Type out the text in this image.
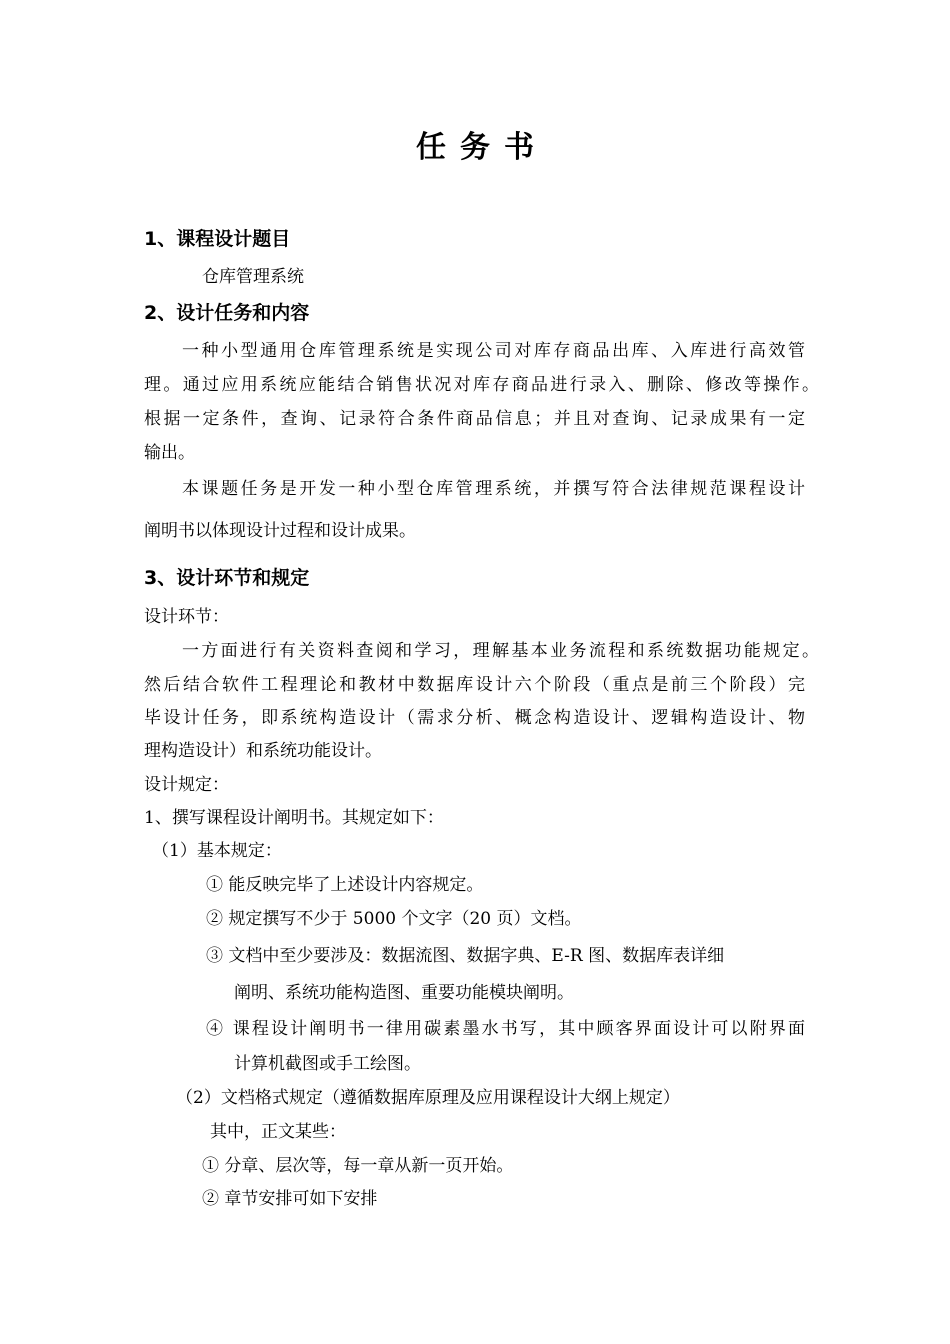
任务书
1、课程设计题目
仓库管理系统
2、设计任务和内容
一种小型通用仓库管理系统是实现公司对库存商品出库、入库进行高效管
理。通过应用系统应能结合销售状况对库存商品进行录入、删除、修改等操作。
根据一定条件，查询、记录符合条件商品信息；并且对查询、记录成果有一定
输出。
本课题任务是开发一种小型仓库管理系统，并撰写符合法律规范课程设计
阐明书以体现设计过程和设计成果。
3、设计环节和规定
设计环节：
一方面进行有关资料查阅和学习，理解基本业务流程和系统数据功能规定。
然后结合软件工程理论和教材中数据库设计六个阶段（重点是前三个阶段）完
毕设计任务，即系统构造设计（需求分析、概念构造设计、逻辑构造设计、物
理构造设计）和系统功能设计。
设计规定：
1、撰写课程设计阐明书。其规定如下：
（1）基本规定：
① 能反映完毕了上述设计内容规定。
② 规定撰写不少于 5000 个文字（20 页）文档。
③ 文档中至少要涉及：数据流图、数据字典、E-R 图、数据库表详细
阐明、系统功能构造图、重要功能模块阐明。
④ 课程设计阐明书一律用碳素墨水书写，其中顾客界面设计可以附界面
计算机截图或手工绘图。
（2）文档格式规定（遵循数据库原理及应用课程设计大纲上规定）
其中，正文某些：
① 分章、层次等，每一章从新一页开始。
② 章节安排可如下安排
